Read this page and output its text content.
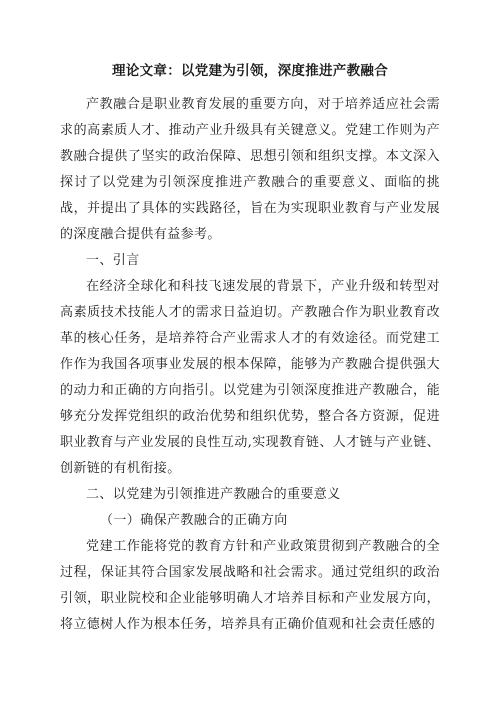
理论文章：以党建为引领，深度推进产教融合

产教融合是职业教育发展的重要方向，对于培养适应社会需求的高素质人才、推动产业升级具有关键意义。党建工作则为产教融合提供了坚实的政治保障、思想引领和组织支撑。本文深入探讨了以党建为引领深度推进产教融合的重要意义、面临的挑战，并提出了具体的实践路径，旨在为实现职业教育与产业发展的深度融合提供有益参考。

一、引言

在经济全球化和科技飞速发展的背景下，产业升级和转型对高素质技术技能人才的需求日益迫切。产教融合作为职业教育改革的核心任务，是培养符合产业需求人才的有效途径。而党建工作作为我国各项事业发展的根本保障，能够为产教融合提供强大的动力和正确的方向指引。以党建为引领深度推进产教融合，能够充分发挥党组织的政治优势和组织优势，整合各方资源，促进职业教育与产业发展的良性互动,实现教育链、人才链与产业链、创新链的有机衔接。

二、以党建为引领推进产教融合的重要意义

（一）确保产教融合的正确方向

党建工作能将党的教育方针和产业政策贯彻到产教融合的全过程，保证其符合国家发展战略和社会需求。通过党组织的政治引领，职业院校和企业能够明确人才培养目标和产业发展方向，将立德树人作为根本任务，培养具有正确价值观和社会责任感的
